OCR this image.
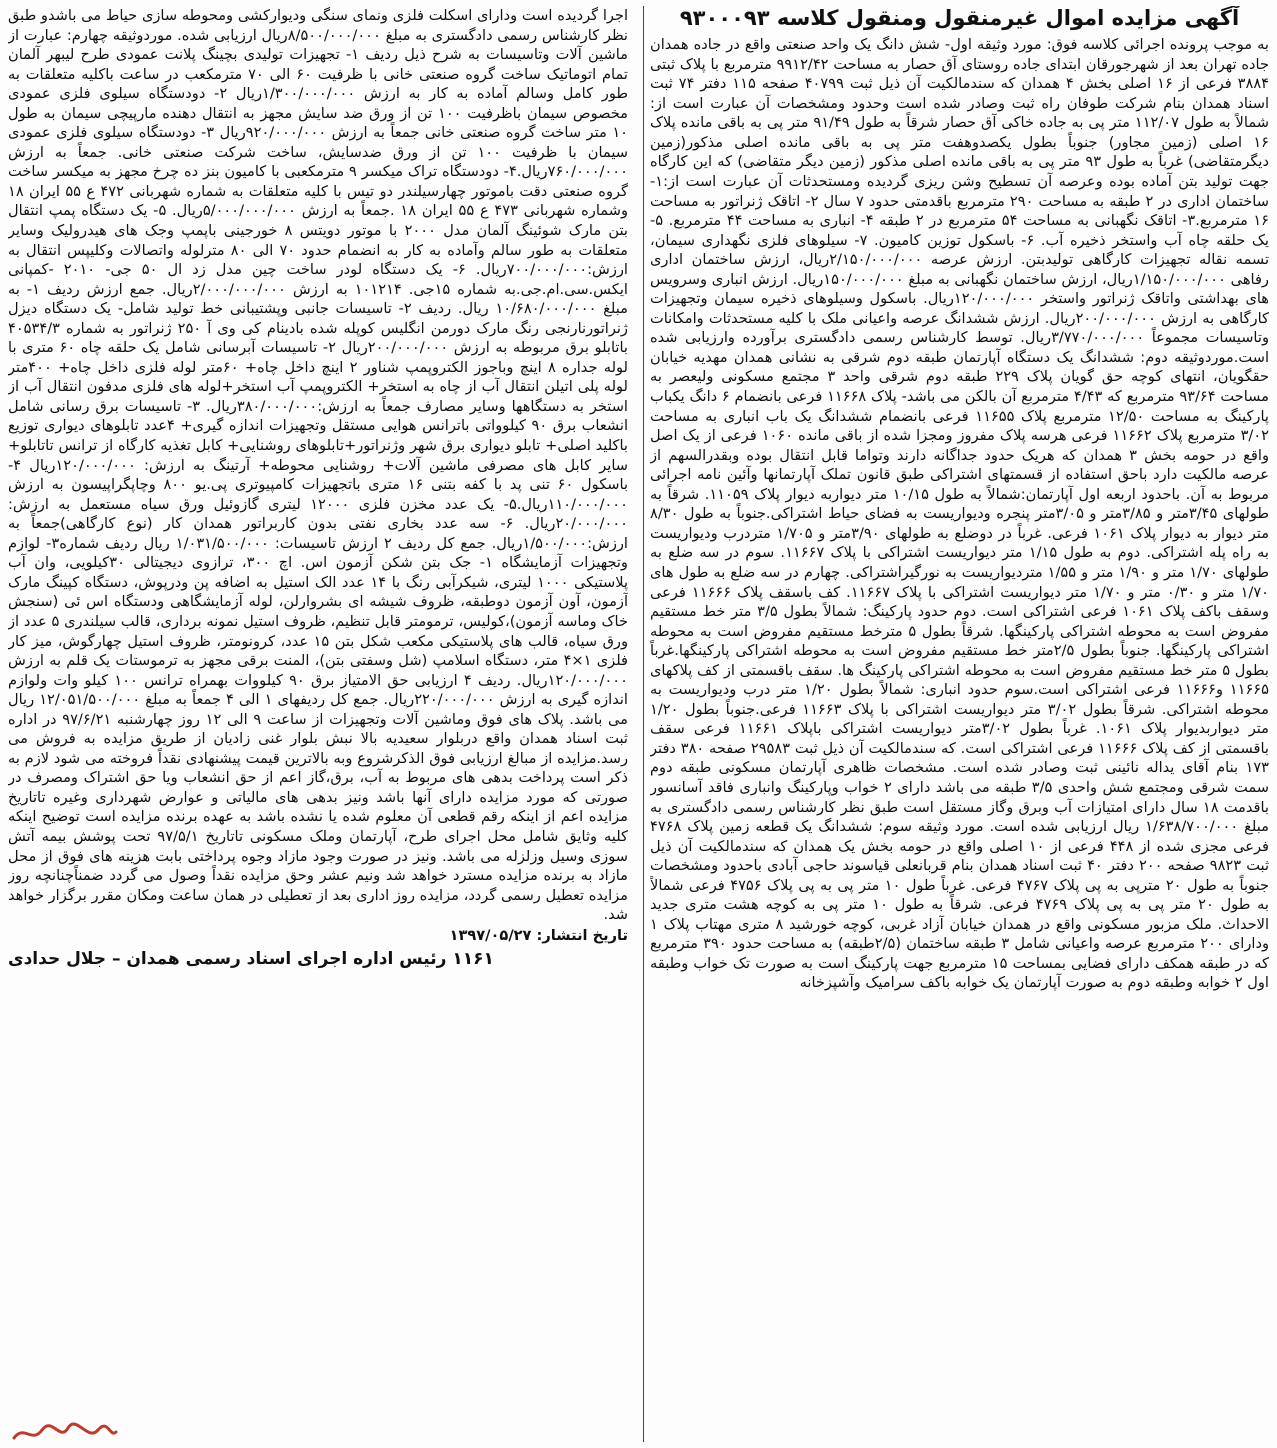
آگهی مزایده اموال غیرمنقول ومنقول کلاسه ۹۳۰۰۰۹۳

به موجب پرونده اجرائی کلاسه فوق: مورد وثیقه اول- شش دانگ یک واحد صنعتی واقع در جاده همدان جاده تهران بعد از شهرجورقان ابتدای جاده روستای آق حصار به مساحت ۹۹۱۲/۴۲ مترمربع با پلاک ثبتی ۳۸۸۴ فرعی از ۱۶ اصلی بخش ۴ همدان که سندمالکیت آن ذیل ثبت ۴۰۷۹۹ صفحه ۱۱۵ دفتر ۷۴ ثبت اسناد همدان بنام شرکت طوفان راه ثبت وصادر شده است وحدود ومشخصات آن عبارت است از: شمالاً به طول ۱۱۲/۰۷ متر پی به جاده خاکی آق حصار شرقاً به طول ۹۱/۴۹ متر پی به باقی مانده پلاک ۱۶ اصلی (زمین مجاور) جنوباً بطول یکصدوهفت متر پی به باقی مانده اصلی مذکور(زمین دیگرمتقاضی) غرباً به طول ۹۳ متر پی به باقی مانده اصلی مذکور (زمین دیگر متقاضی) که این کارگاه جهت تولید بتن آماده بوده وعرصه آن تسطیح وشن ریزی گردیده ومستحدثات آن عبارت است از:۱- ساختمان اداری در ۲ طبقه به مساحت ۲۹۰ مترمربع باقدمتی حدود ۷ سال ۲- اتاقک ژنراتور به مساحت ۱۶ مترمربع.۳- اتاقک نگهبانی به مساحت ۵۴ مترمربع در ۲ طبقه ۴- انباری به مساحت ۴۴ مترمربع. ۵- یک حلقه چاه آب واستخر ذخیره آب. ۶- باسکول توزین کامیون. ۷- سیلوهای فلزی نگهداری سیمان، تسمه نقاله تجهیزات کارگاهی تولیدبتن. ارزش عرصه ۲/۱۵۰/۰۰۰/۰۰۰ریال، ارزش ساختمان اداری رفاهی ۱/۱۵۰/۰۰۰/۰۰۰ریال، ارزش ساختمان نگهبانی به مبلغ ۱۵۰/۰۰۰/۰۰۰ریال. ارزش انباری وسرویس های بهداشتی واتاقک ژنراتور واستخر ۱۲۰/۰۰۰/۰۰۰ریال. باسکول وسیلوهای ذخیره سیمان وتجهیزات کارگاهی به ارزش ۲۰۰/۰۰۰/۰۰۰ریال. ارزش ششدانگ عرصه واعیانی ملک با کلیه مستحدثات وامکانات وتاسیسات مجموعاً ۳/۷۷۰/۰۰۰/۰۰۰ریال. توسط کارشناس رسمی دادگستری برآورده وارزیابی شده است.موردوثیقه دوم: ششدانگ یک دستگاه آپارتمان طبقه دوم شرقی به نشانی همدان مهدیه خیابان حقگویان، انتهای کوچه حق گویان پلاک ۲۲۹ طبقه دوم شرقی واحد ۳ مجتمع مسکونی ولیعصر به مساحت ۹۳/۶۴ مترمربع که ۴/۴۳ مترمربع آن بالکن می باشد- پلاک ۱۱۶۶۸ فرعی بانضمام ۶ دانگ یکباب پارکینگ به مساحت ۱۲/۵۰ مترمربع پلاک ۱۱۶۵۵ فرعی بانضمام ششدانگ یک باب انباری به مساحت ۳/۰۲ مترمربع پلاک ۱۱۶۶۲ فرعی هرسه پلاک مفروز ومجزا شده از باقی مانده ۱۰۶۰ فرعی از یک اصل واقع در حومه بخش ۳ همدان که هریک حدود جداگانه دارند وتواما قابل انتقال بوده وبقدرالسهم از عرصه مالکیت دارد باحق استفاده از قسمتهای اشتراکی طبق قانون تملک آپارتمانها وآئین نامه اجرائی مربوط به آن. باحدود اربعه اول آپارتمان:شمالاً به طول ۱۰/۱۵ متر دیواربه دیوار پلاک ۱۱۰۵۹. شرقاً به طولهای ۳/۴۵متر و ۳/۸۵متر و ۳/۰۵متر پنجره ودیواریست به فضای حیاط اشتراکی.جنوباً به طول ۸/۳۰ متر دیوار به دیوار پلاک ۱۰۶۱ فرعی. غرباً در دوضلع به طولهای ۳/۹۰متر و ۱/۷۰۵ متردرب ودیواریست به راه پله اشتراکی. دوم به طول ۱/۱۵ متر دیواریست اشتراکی با پلاک ۱۱۶۶۷. سوم در سه ضلع به طولهای ۱/۷۰ متر و ۱/۹۰ متر و ۱/۵۵ متردیواریست به نورگیراشتراکی. چهارم در سه ضلع به طول های ۱/۷۰ متر و ۰/۳۰ متر و ۱/۷۰ متر دیواریست اشتراکی با پلاک ۱۱۶۶۷. کف باسقف پلاک ۱۱۶۶۶ فرعی وسقف باکف پلاک ۱۰۶۱ فرعی اشتراکی است. دوم حدود پارکینگ: شمالاً بطول ۳/۵ متر خط مستقیم مفروض است به محوطه اشتراکی پارکینگها. شرقاً بطول ۵ مترخط مستقیم مفروض است به محوطه اشتراکی پارکینگها. جنوباً بطول ۲/۵متر خط مستقیم مفروض است به محوطه اشتراکی پارکینگها.غرباً بطول ۵ متر خط مستقیم مفروض است به محوطه اشتراکی پارکینگ ها. سقف باقسمتی از کف پلاکهای ۱۱۶۶۵ و۱۱۶۶۶ فرعی اشتراکی است.سوم حدود انباری: شمالاً بطول ۱/۲۰ متر درب ودیواریست به محوطه اشتراکی. شرقاً بطول ۳/۰۲ متر دیواریست اشتراکی با پلاک ۱۱۶۶۳ فرعی.جنوباً بطول ۱/۲۰ متر دیواربدیوار پلاک ۱۰۶۱. غرباً بطول ۳/۰۲متر دیواریست اشتراکی باپلاک ۱۱۶۶۱ فرعی سقف باقسمتی از کف پلاک ۱۱۶۶۶ فرعی اشتراکی است. که سندمالکیت آن ذیل ثبت ۲۹۵۸۳ صفحه ۳۸۰ دفتر ۱۷۳ بنام آقای یداله نائینی ثبت وصادر شده است. مشخصات ظاهری آپارتمان مسکونی طبقه دوم سمت شرقی ومجتمع شش واحدی ۳/۵ طبقه می باشد دارای ۲ خواب وپارکینگ وانباری فاقد آسانسور باقدمت ۱۸ سال دارای امتیازات آب وبرق وگاز مستقل است طبق نظر کارشناس رسمی دادگستری به مبلغ ۱/۶۳۸/۷۰۰/۰۰۰ ریال ارزیابی شده است. مورد وثیقه سوم: ششدانگ یک قطعه زمین پلاک ۴۷۶۸ فرعی مجزی شده از ۴۴۸ فرعی از ۱۰ اصلی واقع در حومه بخش یک همدان که سندمالکیت آن ذیل ثبت ۹۸۲۳ صفحه ۲۰۰ دفتر ۴۰ ثبت اسناد همدان بنام قربانعلی قیاسوند حاجی آبادی باحدود ومشخصات جنوباً به طول ۲۰ مترپی به پی پلاک ۴۷۶۷ فرعی. غرباً طول ۱۰ متر پی به پی پلاک ۴۷۵۶ فرعی شمالاً به طول ۲۰ متر پی به پی پلاک ۴۷۶۹ فرعی. شرقاً به طول ۱۰ متر پی به کوچه هشت متری جدید الاحداث. ملک مزبور مسکونی واقع در همدان خیابان آزاد غربی، کوچه خورشید ۸ متری مهتاب پلاک ۱ ودارای ۲۰۰ مترمربع عرصه واعیانی شامل ۳ طبقه ساختمان (۲/۵طبقه) به مساحت حدود ۳۹۰ مترمربع که در طبقه همکف دارای فضایی بمساحت ۱۵ مترمربع جهت پارکینگ است به صورت تک خواب وطبقه اول ۲ خوابه وطبقه دوم به صورت آپارتمان یک خوابه باکف سرامیک وآشپزخانه

اجرا گردیده است ودارای اسکلت فلزی ونمای سنگی ودیوارکشی ومحوطه سازی حیاط می باشدو طبق نظر کارشناس رسمی دادگستری به مبلغ ۸/۵۰۰/۰۰۰/۰۰۰ریال ارزیابی شده. موردوثیقه چهارم: عبارت از ماشین آلات وتاسیسات به شرح ذیل ردیف ۱- تجهیزات تولیدی بچینگ پلانت عمودی طرح لیبهر آلمان تمام اتوماتیک ساخت گروه صنعتی خانی با ظرفیت ۶۰ الی ۷۰ مترمکعب در ساعت باکلیه متعلقات به طور کامل وسالم آماده به کار به ارزش ۱/۳۰۰/۰۰۰/۰۰۰ریال ۲- دودستگاه سیلوی فلزی عمودی مخصوص سیمان باظرفیت ۱۰۰ تن از ورق ضد سایش مجهز به انتقال دهنده مارپیچی سیمان به طول ۱۰ متر ساخت گروه صنعتی خانی جمعاً به ارزش ۹۲۰/۰۰۰/۰۰۰ریال ۳- دودستگاه سیلوی فلزی عمودی سیمان با ظرفیت ۱۰۰ تن از ورق ضدسایش، ساخت شرکت صنعتی خانی. جمعاً به ارزش ۷۶۰/۰۰۰/۰۰۰ریال.۴- دودستگاه تراک میکسر ۹ مترمکعبی با کامیون بنز ده چرخ مجهز به میکسر ساخت گروه صنعتی دقت باموتور چهارسیلندر دو تیس با کلیه متعلقات به شماره شهربانی ۴۷۲ ع ۵۵ ایران ۱۸ وشماره شهربانی ۴۷۳ ع ۵۵ ایران ۱۸ .جمعاً به ارزش ۵/۰۰۰/۰۰۰/۰۰۰ریال. ۵- یک دستگاه پمپ انتقال بتن مارک شوئینگ آلمان مدل ۲۰۰۰ با موتور دویتس ۸ خورجینی باپمپ وجک های هیدرولیک وسایر متعلقات به طور سالم وآماده به کار به انضمام حدود ۷۰ الی ۸۰ مترلوله واتصالات وکلیپس انتقال به ارزش:۷۰۰/۰۰۰/۰۰۰ریال. ۶- یک دستگاه لودر ساخت چین مدل زد ال ۵۰ جی- ۲۰۱۰ -کمپانی ایکس.سی.ام.جی.به شماره ۱۵جی. ۱۰۱۲۱۴ به ارزش ۲/۰۰۰/۰۰۰/۰۰۰ریال. جمع ارزش ردیف ۱- به مبلغ ۱۰/۶۸۰/۰۰۰/۰۰۰ ریال. ردیف ۲- تاسیسات جانبی وپشتیبانی خط تولید شامل- یک دستگاه دیزل ژنراتورنارنجی رنگ مارک دورمن انگلیس کوپله شده بادینام کی وی آ ۲۵۰ ژنراتور به شماره ۴۰۵۳۴/۳ باتابلو برق مربوطه به ارزش ۲۰۰/۰۰۰/۰۰۰ریال ۲- تاسیسات آبرسانی شامل یک حلقه چاه ۶۰ متری با لوله جداره ۸ اینچ وباجوز الکتروپمپ شناور ۲ اینچ داخل چاه+ ۶۰متر لوله فلزی داخل چاه+ ۴۰۰متر لوله پلی اتیلن انتقال آب از چاه به استخر+ الکتروپمپ آب استخر+لوله های فلزی مدفون انتقال آب از استخر به دستگاهها وسایر مصارف جمعاً به ارزش:۳۸۰/۰۰۰/۰۰۰ریال. ۳- تاسیسات برق رسانی شامل انشعاب برق ۹۰ کیلوواتی باترانس هوایی مستقل وتجهیزات اندازه گیری+ ۴عدد تابلوهای دیواری توزیع باکلید اصلی+ تابلو دیواری برق شهر وژنراتور+تابلوهای روشنایی+ کابل تغذیه کارگاه از ترانس تاتابلو+ سایر کابل های مصرفی ماشین آلات+ روشنایی محوطه+ آرتینگ به ارزش: ۱۲۰/۰۰۰/۰۰۰ریال ۴- باسکول ۶۰ تنی پد با کفه بتنی ۱۶ متری باتجهیزات کامپیوتری پی.یو ۸۰۰ وچاپگراپیسون به ارزش ۱۱۰/۰۰۰/۰۰۰ریال.۵- یک عدد مخزن فلزی ۱۲۰۰۰ لیتری گازوئیل ورق سیاه مستعمل به ارزش: ۲۰/۰۰۰/۰۰۰ریال. ۶- سه عدد بخاری نفتی بدون کاربراتور همدان کار (نوع کارگاهی)جمعاً به ارزش:۱/۵۰۰/۰۰۰ریال. جمع کل ردیف ۲ ارزش تاسیسات: ۱/۰۳۱/۵۰۰/۰۰۰ ریال ردیف شماره۳- لوازم وتجهیزات آزمایشگاه ۱- جک بتن شکن آزمون اس. اچ ۳۰۰، ترازوی دیجیتالی ۳۰کیلویی، وان آب پلاستیکی ۱۰۰۰ لیتری، شیکرآبی رنگ با ۱۴ عدد الک استیل به اضافه پن ودرپوش، دستگاه کپینگ مارک آزمون، آون آزمون دوطبقه، ظروف شیشه ای بشروارلن، لوله آزمایشگاهی ودستگاه اس ئی (سنجش خاک وماسه آزمون)،کولیس، ترمومتر قابل تنظیم، ظروف استیل نمونه برداری، قالب سیلندری ۵ عدد از ورق سیاه، قالب های پلاستیکی مکعب شکل بتن ۱۵ عدد، کرونومتر، ظروف استیل چهارگوش، میز کار فلزی ۱×۴ متر، دستگاه اسلامپ (شل وسفتی بتن)، المنت برقی مجهز به ترموستات یک قلم به ارزش ۱۲۰/۰۰۰/۰۰۰ریال. ردیف ۴ ارزیابی حق الامتیاز برق ۹۰ کیلووات بهمراه ترانس ۱۰۰ کیلو وات ولوازم اندازه گیری به ارزش ۲۲۰/۰۰۰/۰۰۰ریال. جمع کل ردیفهای ۱ الی ۴ جمعاً به مبلغ ۱۲/۰۵۱/۵۰۰/۰۰۰ ریال می باشد. پلاک های فوق وماشین آلات وتجهیزات از ساعت ۹ الی ۱۲ روز چهارشنبه ۹۷/۶/۲۱ در اداره ثبت اسناد همدان واقع دربلوار سعیدیه بالا نبش بلوار غنی زادیان از طریق مزایده به فروش می رسد.مزایده از مبالغ ارزیابی فوق الذکرشروع وبه بالاترین قیمت پیشنهادی نقداً فروخته می شود لازم به ذکر است پرداخت بدهی های مربوط به آب، برق،گاز اعم از حق انشعاب ویا حق اشتراک ومصرف در صورتی که مورد مزایده دارای آنها باشد ونیز بدهی های مالیاتی و عوارض شهرداری وغیره تاتاریخ مزایده اعم از اینکه رقم قطعی آن معلوم شده یا نشده باشد به عهده برنده مزایده است توضیح اینکه کلیه وثایق شامل محل اجرای طرح، آپارتمان وملک مسکونی تاتاریخ ۹۷/۵/۱ تحت پوشش بیمه آتش سوزی وسیل وزلزله می باشد. ونیز در صورت وجود مازاد وجوه پرداختی بابت هزینه های فوق از محل مازاد به برنده مزایده مسترد خواهد شد ونیم عشر وحق مزایده نقداً وصول می گردد ضمناًچنانچه روز مزایده تعطیل رسمی گردد، مزایده روز اداری بعد از تعطیلی در همان ساعت ومکان مقرر برگزار خواهد شد.

تاریخ انتشار: ۱۳۹۷/۰۵/۲۷
۱۱۶۱ رئیس اداره اجرای اسناد رسمی همدان – جلال حدادی
